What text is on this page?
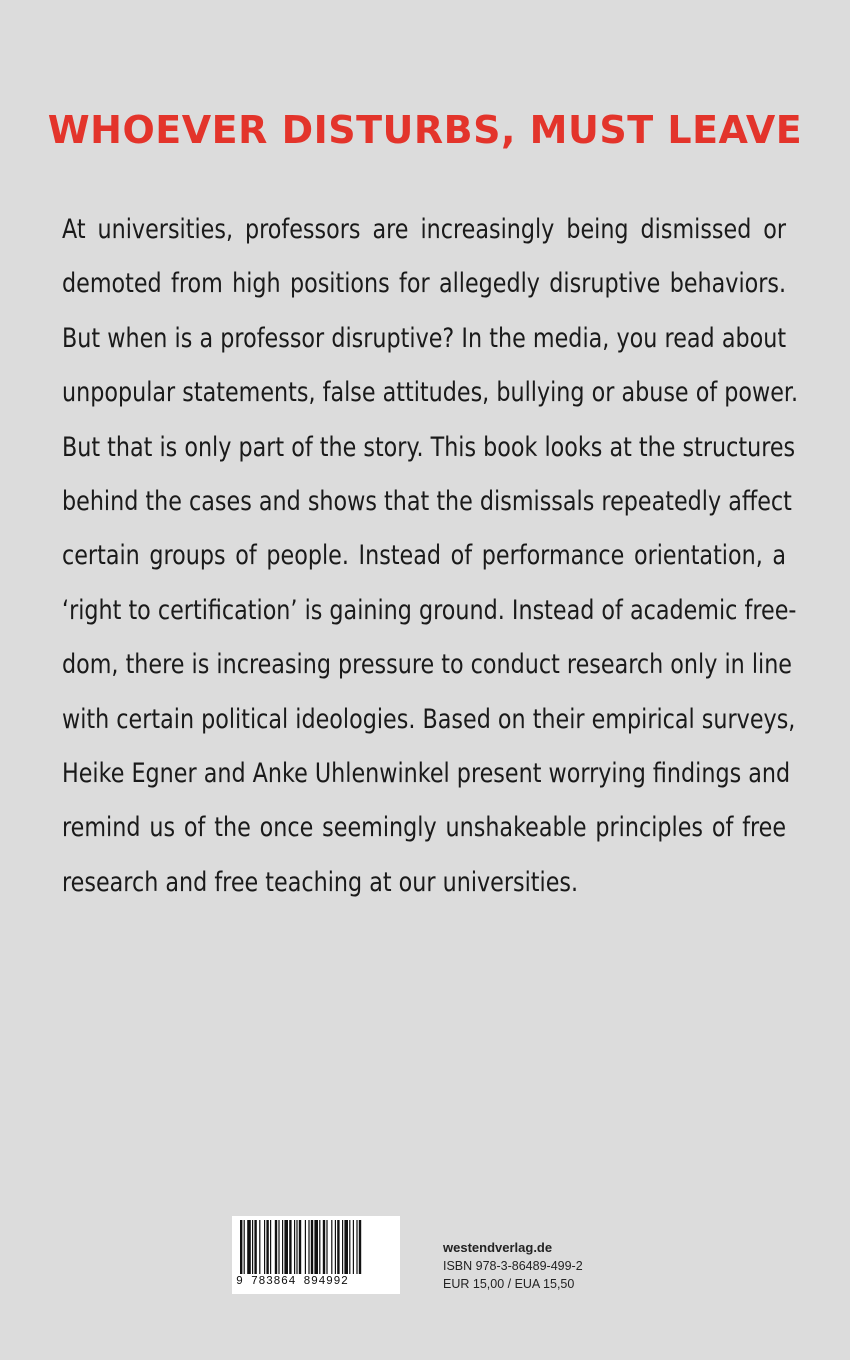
WHOEVER DISTURBS, MUST LEAVE
At universities, professors are increasingly being dismissed or
demoted from high positions for allegedly disruptive behaviors.
But when is a professor disruptive? In the media, you read about
unpopular statements, false attitudes, bullying or abuse of power.
But that is only part of the story. This book looks at the structures
behind the cases and shows that the dismissals repeatedly affect
certain groups of people. Instead of performance orientation, a
‘right to certification’ is gaining ground. Instead of academic free-
dom, there is increasing pressure to conduct research only in line
with certain political ideologies. Based on their empirical surveys,
Heike Egner and Anke Uhlenwinkel present worrying findings and
remind us of the once seemingly unshakeable principles of free
research and free teaching at our universities.
9 783864 894992
westendverlag.de
ISBN 978-3-86489-499-2
EUR 15,00 / EUA 15,50
